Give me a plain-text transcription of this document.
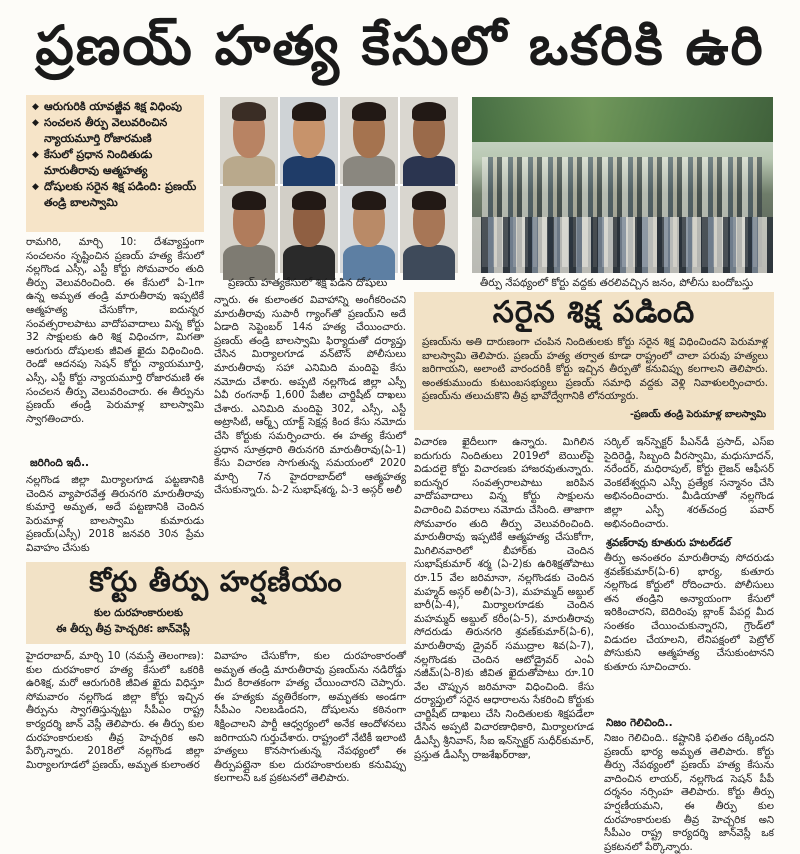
ప్రణయ్ హత్య కేసులో ఒకరికి ఉరి
◆ ఆరుగురికి యావజ్జీవ శిక్ష విధింపు
◆ సంచలన తీర్పు వెలువరించిన న్యాయమూర్తి రోజారమణి
◆ కేసులో ప్రధాన నిందితుడు మారుతీరావు ఆత్మహత్య
◆ దోషులకు సరైన శిక్ష పడింది: ప్రణయ్ తండ్రి బాలస్వామి
ప్రణయ్ హత్యకేసులో శిక్ష పడిన దోషులు	తీర్పు నేపథ్యంలో కోర్టు వద్దకు తరలివచ్చిన జనం, పోలీసు బందోబస్తు
రామగిరి, మార్చి 10: దేశవ్యాప్తంగా సంచలనం సృష్టించిన ప్రణయ్ హత్య కేసులో నల్లగొండ ఎస్సీ, ఎస్టీ కోర్టు సోమవారం తుది తీర్పు వెలువరించింది. ఈ కేసులో ఏ-1గా ఉన్న అమృత తండ్రి మారుతీరావు ఇప్పటికే ఆత్మహత్య చేసుకోగా, ఐదున్నర సంవత్సరాలపాటు వాదోపవాదాలు విన్న కోర్టు 32 సాక్షులకు ఉరి శిక్ష విధించగా, మిగతా ఆరుగురు దోషులకు జీవిత ఖైదు విధించింది. రెండో ఆదనపు సెషన్ కోర్టు న్యాయమూర్తి, ఎస్సీ, ఎస్టీ కోర్టు న్యాయమూర్తి రోజారమణి ఈ సంచలన తీర్పు వెలువరించారు. ఈ తీర్పును ప్రణయ్ తండ్రి పెరుమాళ్ల బాలస్వామి స్వాగతించారు.
జరిగింది ఇదీ..
నల్లగొండ జిల్లా మిర్యాలగూడ పట్టణానికి చెందిన వ్యాపారవేత్త తిరునగరి మారుతీరావు కుమార్తె అమృత, అదే పట్టణానికి చెందిన పెరుమాళ్ల బాలస్వామి కుమారుడు ప్రణయ్(ఎస్సీ) 2018 జనవరి 30న ప్రేమ వివాహం చేసుకు
న్నారు. ఈ కులాంతర వివాహాన్ని అంగీకరించని మారుతీరావు సుపారీ గ్యాంగ్‌తో ప్రణయ్‌ని అదే ఏడాది సెప్టెంబర్ 14న హత్య చేయించారు. ప్రణయ్ తండ్రి బాలస్వామి ఫిర్యాదుతో దర్యాప్తు చేసిన మిర్యాలగూడ వన్‌టౌన్ పోలీసులు మారుతీరావు సహా ఎనిమిది మందిపై కేసు నమోదు చేశారు. అప్పటి నల్లగొండ జిల్లా ఎస్పీ ఏవీ రంగనాథ్ 1,600 పేజీల చార్జిషీట్ దాఖలు చేశారు. ఎనిమిది మందిపై 302, ఎస్సీ, ఎస్టీ అట్రాసిటీ, ఆర్మ్స్ యాక్ట్ సెక్షన్ల కింద కేసు నమోదు చేసి కోర్టుకు సమర్పించారు. ఈ హత్య కేసులో ప్రధాన సూత్రధారి తిరునగరి మారుతీరావు(ఏ-1) కేసు విచారణ సాగుతున్న సమయంలో 2020 మార్చి 7న హైదరాబాద్‌లో ఆత్మహత్య చేసుకున్నారు. ఏ-2 సుభాష్‌శర్మ, ఏ-3 అస్గర్ అలీ
సరైన శిక్ష పడింది
ప్రణయ్‌ను అతి దారుణంగా చంపిన నిందితులకు కోర్టు సరైన శిక్ష విధించిందని పెరుమాళ్ల బాలస్వామి తెలిపారు. ప్రణయ్ హత్య తర్వాత కూడా రాష్ట్రంలో చాలా పరువు హత్యలు జరిగాయని, అలాంటి వారందరికీ కోర్టు ఇచ్చిన తీర్పుతో కనువిప్పు కలగాలని తెలిపారు. అంతకుముందు కుటుంబసభ్యులు ప్రణయ్ సమాధి వద్దకు వెళ్లి నివాళులర్పించారు. ప్రణయ్‌ను తలుచుకొని తీవ్ర భావోద్వేగానికి లోనయ్యారు.
-ప్రణయ్ తండ్రి పెరుమాళ్ల బాలస్వామి
విచారణ ఖైదీలుగా ఉన్నారు. మిగిలిన ఐదుగురు నిందితులు 2019లో బెయిల్‌పై విడుదలై కోర్టు విచారణకు హాజరవుతున్నారు. ఐదున్నర సంవత్సరాలపాటు జరిపిన వాదోపవాదాలు విన్న కోర్టు సాక్షులను విచారించి వివరాలు నమోదు చేసింది. తాజాగా సోమవారం తుది తీర్పు వెలువరించింది. మారుతీరావు ఇప్పటికే ఆత్మహత్య చేసుకోగా, మిగిలినవారిలో బీహార్‌కు చెందిన సుభాష్‌కుమార్ శర్మ (ఏ-2)కు ఉరిశిక్షతోపాటు రూ.15 వేల జరిమానా, నల్లగొండకు చెందిన మహ్మద్ అస్గర్ అలీ(ఏ-3), మహమ్మద్ అబ్దుల్ బారీ(ఏ-4), మిర్యాలగూడకు చెందిన మహమ్మద్ అబ్దుల్ కరీం(ఏ-5), మారుతీరావు సోదరుడు తిరునగరి శ్రవణ్‌కుమార్(ఏ-6), మారుతీరావు డ్రైవర్ సముద్రాల శివ(ఏ-7), నల్లగొండకు చెందిన ఆటోడ్రైవర్ ఎంఏ నజీమ్(ఏ-8)కు జీవిత ఖైదుతోపాటు రూ.10 వేల చొప్పున జరిమానా విధించింది. కేసు దర్యాప్తులో సరైన ఆధారాలను సేకరించి కోర్టుకు చార్జిషీట్ దాఖలు చేసి నిందితులకు శిక్షపడేలా చేసిన అప్పటి విచారణాధికారి, మిర్యాలగూడ డీఎస్పీ శ్రీనివాస్, సీఐ ఇన్‌స్పెక్టర్ సుధీర్‌కుమార్, ప్రస్తుత డీఎస్పీ రాజశేఖర్‌రాజు,
సర్కిల్ ఇన్‌స్పెక్టర్ పీఎన్‌డీ ప్రసాద్, ఎస్ఐ సైదిరెడ్డి, సిబ్బంది వీరస్వామి, మధుసూదన్, నరేందర్, మధిరాపుల్, కోర్టు లైజన్ ఆఫీసర్ వెంకటేశ్వర్లుని ఎస్పీ ప్రత్యేక సన్మానం చేసి అభినందించారు. మీడియాతో నల్లగొండ జిల్లా ఎస్పీ శరత్‌చంద్ర పవార్ అభినందించారు.
శ్రవణ్‌రావు కూతురు హటల్‌డల్
తీర్పు అనంతరం మారుతీరావు సోదరుడు శ్రవణ్‌కుమార్(ఏ-6) భార్య, కుతూరు నల్లగొండ కోర్టులో రోదించారు. పోలీసులు తన తండ్రిని అన్యాయంగా కేసులో ఇరికించారని, బెదిరింపు బ్లాంక్ పేపర్ల మీద సంతకం చేయించుకున్నారని, గ్రౌండ్‌లో విడుదల చేయాలని, లేనిపక్షంలో పెట్రోల్ పోసుకుని ఆత్మహత్య చేసుకుంటానని కుతూరు సూచించారు.
నిజం గెలిచింది..
నిజం గెలిచింది.. కష్టానికి ఫలితం దక్కిందని ప్రణయ్ భార్య అమృత తెలిపారు. కోర్టు తీర్పు నేపథ్యంలో ప్రణయ్ హత్య కేసును వాదించిన లాయర్, నల్లగొండ సెషన్ పీపీ దర్శనం నర్సింహ తెలిపారు. కోర్టు తీర్పు హర్షణీయమని, ఈ తీర్పు కుల దురహంకారులకు తీవ్ర హెచ్చరిక అని సీపీఎం రాష్ట్ర కార్యదర్శి జాన్‌వెస్లీ ఒక ప్రకటనలో పేర్కొన్నారు.
కోర్టు తీర్పు హర్షణీయం
కుల దురహంకారులకు
ఈ తీర్పు తీవ్ర హెచ్చరిక: జాన్‌వెస్లీ
హైదరాబాద్, మార్చి 10 (నమస్తే తెలంగాణ): కుల దురహంకార హత్య కేసులో ఒకరికి ఉరిశిక్ష, మరో ఆరుగురికి జీవిత ఖైదు విధిస్తూ సోమవారం నల్లగొండ జిల్లా కోర్టు ఇచ్చిన తీర్పును స్వాగతిస్తున్నట్టు సీపీఎం రాష్ట్ర కార్యదర్శి జాన్ వెస్లీ తెలిపారు. ఈ తీర్పు కుల దురహంకారులకు తీవ్ర హెచ్చరిక అని పేర్కొన్నారు. 2018లో నల్లగొండ జిల్లా మిర్యాలగూడలో ప్రణయ్, అమృత కులాంతర
వివాహం చేసుకోగా, కుల దురహంకారంతో అమృత తండ్రి మారుతీరావు ప్రణయ్‌ను నడిరోడ్డు మీద కిరాతకంగా హత్య చేయించారని చెప్పారు. ఈ హత్యకు వ్యతిరేకంగా, అమృతకు అండగా సీపీఎం నిలబడిందని, దోషులను కఠినంగా శిక్షించాలని పార్టీ ఆధ్వర్యంలో అనేక ఆందోళనలు జరిగాయని గుర్తుచేశారు. రాష్ట్రంలో నేటికీ ఇలాంటి హత్యలు కొనసాగుతున్న నేపథ్యంలో ఈ తీర్పుపట్లైనా కుల దురహంకారులకు కనువిప్పు కలగాలని ఒక ప్రకటనలో తెలిపారు.
